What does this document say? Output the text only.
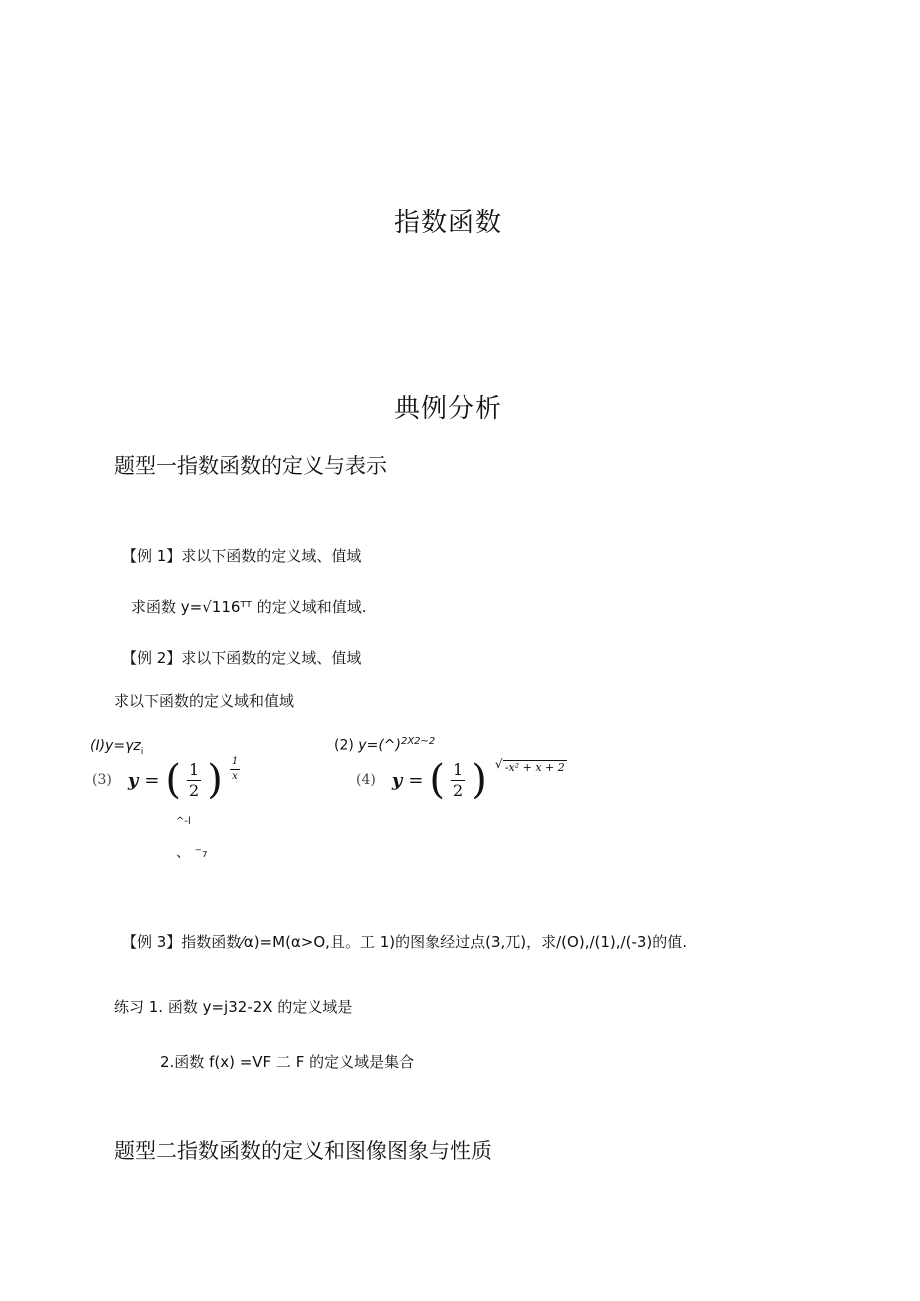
指数函数
典例分析
题型一指数函数的定义与表示
【例 1】求以下函数的定义域、值域
求函数 y=√116ᵀᵀ 的定义域和值域.
【例 2】求以下函数的定义域、值域
求以下函数的定义域和值域
$(I)y=\gamma z_i$	(2) y=(^)$^{2X2\sim 2}$
(3) y = ( $\frac{1}{2}$ ) $\frac{1}{x}$	(4) y = ( $\frac{1}{2}$ )
√ -x² + x + 2
^-l
、 ⁻₇
【例 3】指数函数⁄α)=M(α>O,且。工 1)的图象经过点(3,兀)，求/(O),/(1),/(-3)的值.
练习 1. 函数 y=j32-2X 的定义域是
2.函数 f(x) =VF 二 F 的定义域是集合
题型二指数函数的定义和图像图象与性质
